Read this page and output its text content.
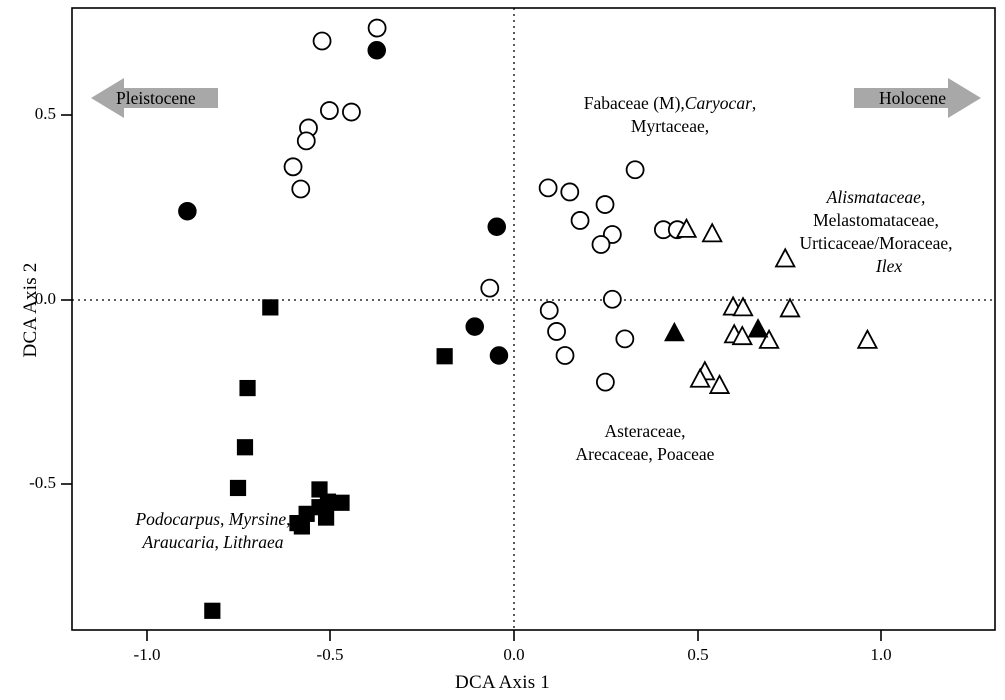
Pleistocene	Holocene
-1.0	-0.5	0.0	0.5	1.0
0.5
0.0
-0.5
DCA Axis 1
DCA Axis 2
Fabaceae (M),Caryocar,
Myrtaceae,
Alismataceae,
Melastomataceae,
Urticaceae/Moraceae,
Ilex
Asteraceae,
Arecaceae, Poaceae
Podocarpus, Myrsine,
Araucaria, Lithraea
